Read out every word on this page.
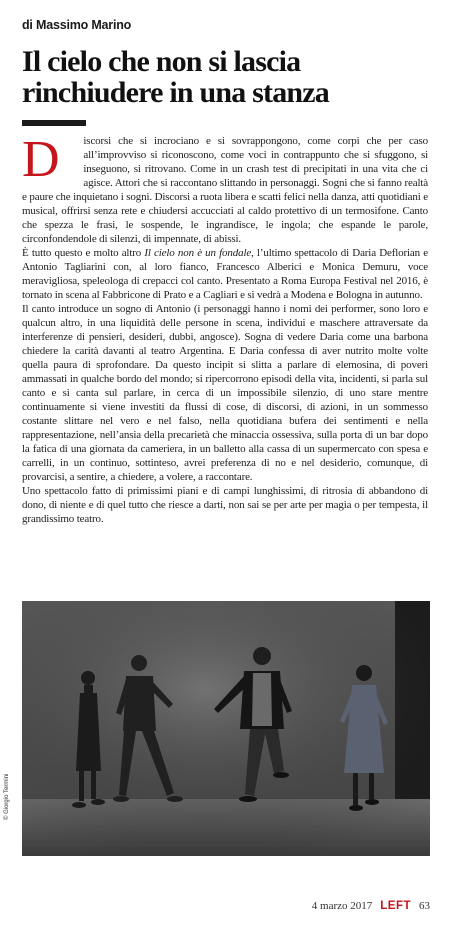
di Massimo Marino
Il cielo che non si lascia rinchiudere in una stanza
D	iscorsi che si incrociano e si sovrappongono, come corpi che per caso all’improvviso si riconoscono, come voci in contrappunto che si sfuggono, si inseguono, si ritrovano. Come in un crash test di precipitati in una vita che ci agisce. Attori che si raccontano slittando in personaggi. Sogni che si fanno realtà e paure che inquietano i sogni. Discorsi a ruota libera e scatti felici nella danza, atti quotidiani e musical, offrirsi senza rete e chiudersi accucciati al caldo protettivo di un termosifone. Canto che spezza le frasi, le sospende, le ingrandisce, le ingola; che espande le parole, circonfondendole di silenzi, di impennate, di abissi.

È tutto questo e molto altro Il cielo non è un fondale, l’ultimo spettacolo di Daria Deflorian e Antonio Tagliarini con, al loro fianco, Francesco Alberici e Monica Demuru, voce meravigliosa, speleologa di crepacci col canto. Presentato a Roma Europa Festival nel 2016, è tornato in scena al Fabbricone di Prato e a Cagliari e si vedrà a Modena e Bologna in autunno.

Il canto introduce un sogno di Antonio (i personaggi hanno i nomi dei performer, sono loro e qualcun altro, in una liquidità delle persone in scena, individui e maschere attraversate da interferenze di pensieri, desideri, dubbi, angosce). Sogna di vedere Daria come una barbona chiedere la carità davanti al teatro Argentina. E Daria confessa di aver nutrito molte volte quella paura di sprofondare. Da questo incipit si slitta a parlare di elemosina, di poveri ammassati in qualche bordo del mondo; si ripercorrono episodi della vita, incidenti, si parla sul canto e si canta sul parlare, in cerca di un impossibile silenzio, di uno stare mentre continuamente si viene investiti da flussi di cose, di discorsi, di azioni, in un sommesso costante slittare nel vero e nel falso, nella quotidiana bufera dei sentimenti e nella rappresentazione, nell’ansia della precarietà che minaccia ossessiva, sulla porta di un bar dopo la fatica di una giornata da cameriera, in un balletto alla cassa di un supermercato con spesa e carrelli, in un continuo, sottinteso, avrei preferenza di no e nel desiderio, comunque, di provarcisi, a sentire, a chiedere, a volere, a raccontare.

Uno spettacolo fatto di primissimi piani e di campi lunghissimi, di ritrosia di abbandono di dono, di niente e di quel tutto che riesce a darti, non sai se per arte per magia o per tempesta, il grandissimo teatro.

© Giorgio Termini
4 marzo 2017 LEFT 63
